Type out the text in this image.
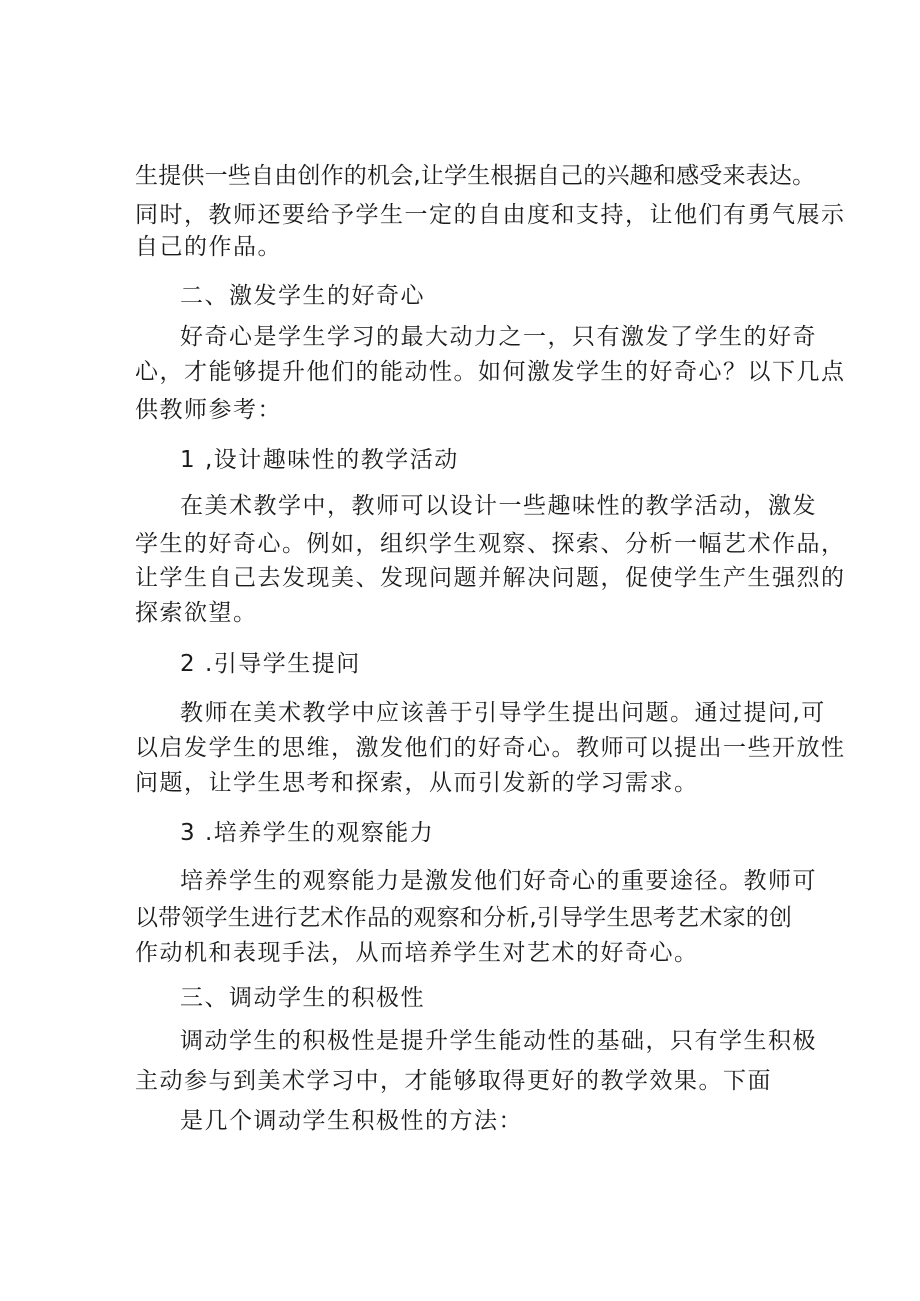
生提供一些自由创作的机会,让学生根据自己的兴趣和感受来表达。
同时，教师还要给予学生一定的自由度和支持，让他们有勇气展示
自己的作品。
二、激发学生的好奇心
好奇心是学生学习的最大动力之一，只有激发了学生的好奇
心，才能够提升他们的能动性。如何激发学生的好奇心？以下几点
供教师参考：
1 ,设计趣味性的教学活动
在美术教学中，教师可以设计一些趣味性的教学活动，激发
学生的好奇心。例如，组织学生观察、探索、分析一幅艺术作品，
让学生自己去发现美、发现问题并解决问题，促使学生产生强烈的
探索欲望。
2 .引导学生提问
教师在美术教学中应该善于引导学生提出问题。通过提问,可
以启发学生的思维，激发他们的好奇心。教师可以提出一些开放性
问题，让学生思考和探索，从而引发新的学习需求。
3 .培养学生的观察能力
培养学生的观察能力是激发他们好奇心的重要途径。教师可
以带领学生进行艺术作品的观察和分析,引导学生思考艺术家的创
作动机和表现手法，从而培养学生对艺术的好奇心。
三、调动学生的积极性
调动学生的积极性是提升学生能动性的基础，只有学生积极
主动参与到美术学习中，才能够取得更好的教学效果。下面
是几个调动学生积极性的方法：
